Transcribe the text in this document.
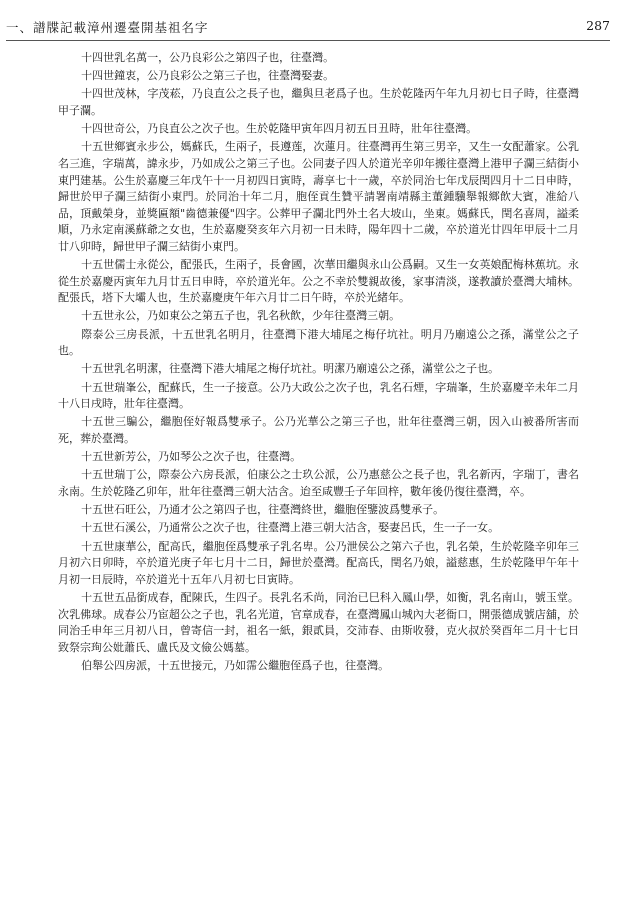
一、譜牒記載漳州遷臺開基祖名字	287

十四世乳名萬一，公乃良彩公之第四子也，往臺灣。

十四世鐘衷，公乃良彩公之第三子也，往臺灣娶妻。

十四世茂林，字茂菘，乃良直公之長子也，繼與旦老爲子也。生於乾隆丙午年九月初七日子時，往臺灣甲子瀾。

十四世奇公，乃良直公之次子也。生於乾隆甲寅年四月初五日丑時，壯年往臺灣。

十五世鄉賓永步公，媽蘇氏，生兩子，長遵莲，次蓮月。往臺灣再生第三男辛，又生一女配蕭家。公乳名三進，字瑞萬，諱永步，乃如成公之第三子也。公同妻子四人於道光辛卯年搬往臺灣上港甲子瀾三結街小東門建基。公生於嘉慶三年戊午十一月初四日寅時，壽享七十一歲，卒於同治七年戊辰閏四月十二日申時，歸世於甲子瀾三結街小東門。於同治十年二月，胞侄貢生贊平請署南靖縣主董鍾驥舉報鄉飲大賓，准給八品，頂戴榮身，並獎匾額"齒德兼優"四字。公葬甲子瀾北門外土名大坡山，坐東。媽蘇氏，閏名喜周，謚柔順，乃永定南溪蘇爺之女也，生於嘉慶癸亥年六月初一日未時，陽年四十二歲，卒於道光廿四年甲辰十二月廿八卯時，歸世甲子瀾三結街小東門。

十五世儒士永從公，配張氏，生兩子，長會國，次華田繼與永山公爲嗣。又生一女英娘配梅林蕉坑。永從生於嘉慶丙寅年九月廿五日申時，卒於道光年。公之不幸於雙親故後，家事清淡，遂教讀於臺灣大埔林。配張氏，塔下大壩人也，生於嘉慶庚午年六月廿二日午時，卒於光緒年。

十五世永公，乃如東公之第五子也，乳名秋飲，少年往臺灣三朝。

際泰公三房長派，十五世乳名明月，往臺灣下港大埔尾之梅仔坑社。明月乃廟遠公之孫，滿堂公之子也。

十五世乳名明潔，往臺灣下港大埔尾之梅仔坑社。明潔乃廟遠公之孫，滿堂公之子也。

十五世瑞峯公，配蘇氏，生一子接意。公乃大政公之次子也，乳名石煙，字瑞峯，生於嘉慶辛未年二月十八日戌時，壯年往臺灣。

十五世三騙公，繼胞侄好報爲雙承子。公乃光華公之第三子也，壯年往臺灣三朝，因入山被番所害而死，葬於臺灣。

十五世新芳公，乃如琴公之次子也，往臺灣。

十五世瑞丁公，際泰公六房長派，伯康公之士玖公派，公乃惠慈公之長子也，乳名新丙，字瑞丁，書名永南。生於乾隆乙卯年，壯年往臺灣三朝大沽含。迨至咸豐壬子年回梓，數年後仍復往臺灣，卒。

十五世石旺公，乃通才公之第四子也，往臺灣終世，繼胞侄鑒波爲雙承子。

十五世石溪公，乃通常公之次子也，往臺灣上港三朝大沽含，娶妻呂氏，生一子一女。

十五世康華公，配高氏，繼胞侄爲雙承子乳名卑。公乃泄侯公之第六子也，乳名榮，生於乾隆辛卯年三月初六日卯時，卒於道光庚子年七月十二日，歸世於臺灣。配高氏，閏名乃娘，謚慈惠，生於乾隆甲午年十月初一日辰時，卒於道光十五年八月初七日寅時。

十五世五品銜成春，配陳氏，生四子。長乳名禾尚，同治已巳科入鳳山學，如衡，乳名南山，號玉堂。次乳佛球。成春公乃宦超公之子也，乳名光道，官章成春，在臺灣鳳山城內大老衙口，開張德成號店舖，於同治壬申年三月初八日，曾寄信一封，祖名一紙，銀貳員，交沛春、由斯收發，克火叔於癸酉年二月十七日致祭宗珣公妣蕭氏、盧氏及文儉公媽墓。

伯舉公四房派，十五世接元，乃如霈公繼胞侄爲子也，往臺灣。
